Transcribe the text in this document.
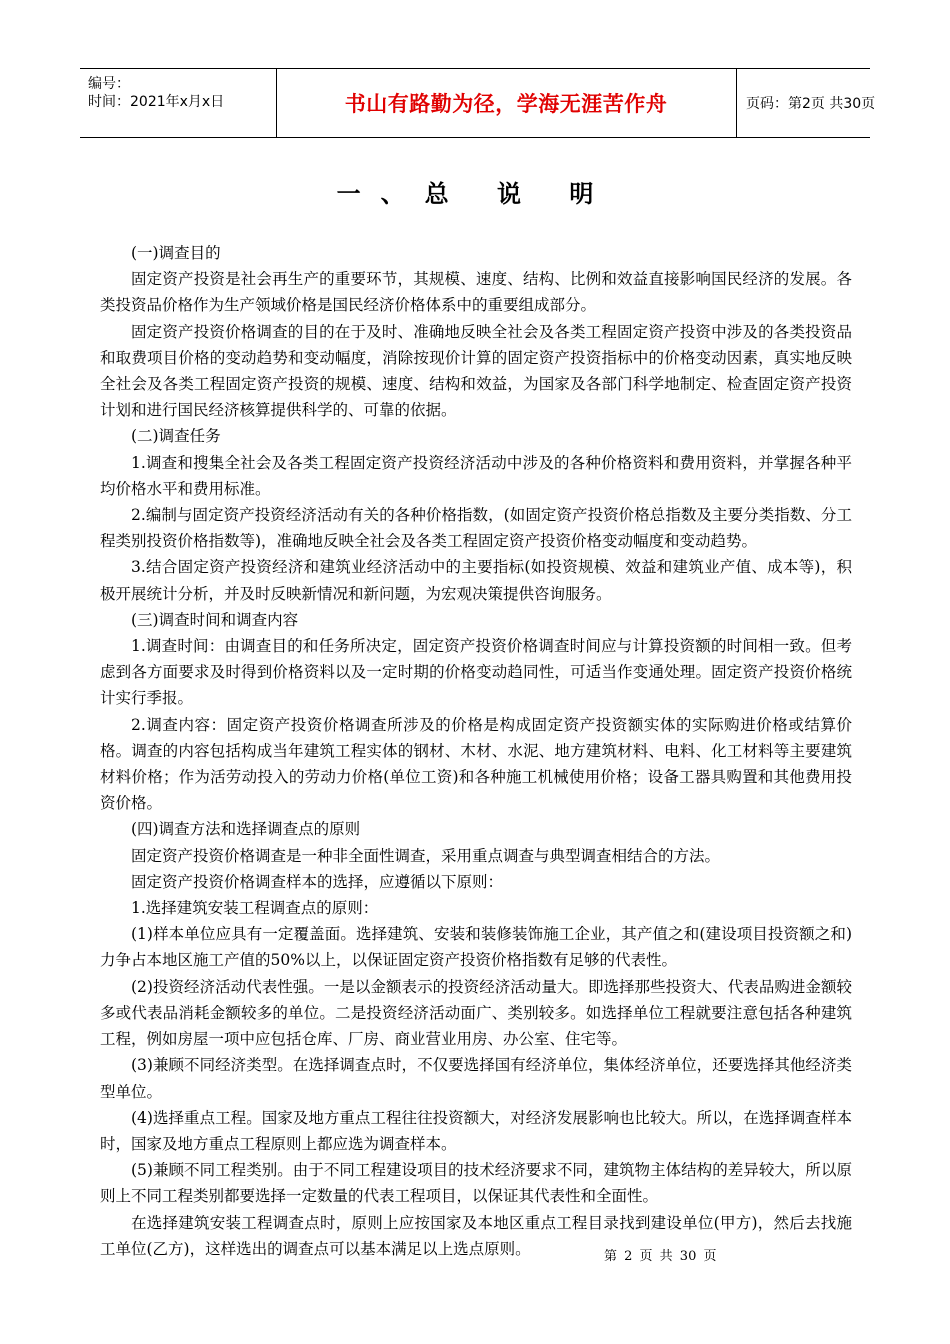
编号：
时间：2021年x月x日	书山有路勤为径，学海无涯苦作舟	页码：第2页 共30页
一、总 说 明

(一)调查目的

固定资产投资是社会再生产的重要环节，其规模、速度、结构、比例和效益直接影响国民经济的发展。各类投资品价格作为生产领域价格是国民经济价格体系中的重要组成部分。

固定资产投资价格调查的目的在于及时、准确地反映全社会及各类工程固定资产投资中涉及的各类投资品和取费项目价格的变动趋势和变动幅度，消除按现价计算的固定资产投资指标中的价格变动因素，真实地反映全社会及各类工程固定资产投资的规模、速度、结构和效益，为国家及各部门科学地制定、检查固定资产投资计划和进行国民经济核算提供科学的、可靠的依据。

(二)调查任务

1.调查和搜集全社会及各类工程固定资产投资经济活动中涉及的各种价格资料和费用资料，并掌握各种平均价格水平和费用标准。

2.编制与固定资产投资经济活动有关的各种价格指数，(如固定资产投资价格总指数及主要分类指数、分工程类别投资价格指数等)，准确地反映全社会及各类工程固定资产投资价格变动幅度和变动趋势。

3.结合固定资产投资经济和建筑业经济活动中的主要指标(如投资规模、效益和建筑业产值、成本等)，积极开展统计分析，并及时反映新情况和新问题，为宏观决策提供咨询服务。

(三)调查时间和调查内容

1.调查时间：由调查目的和任务所决定，固定资产投资价格调查时间应与计算投资额的时间相一致。但考虑到各方面要求及时得到价格资料以及一定时期的价格变动趋同性，可适当作变通处理。固定资产投资价格统计实行季报。

2.调查内容：固定资产投资价格调查所涉及的价格是构成固定资产投资额实体的实际购进价格或结算价格。调查的内容包括构成当年建筑工程实体的钢材、木材、水泥、地方建筑材料、电料、化工材料等主要建筑材料价格；作为活劳动投入的劳动力价格(单位工资)和各种施工机械使用价格；设备工器具购置和其他费用投资价格。

(四)调查方法和选择调查点的原则

固定资产投资价格调查是一种非全面性调查，采用重点调查与典型调查相结合的方法。

固定资产投资价格调查样本的选择，应遵循以下原则：

1.选择建筑安装工程调查点的原则：

(1)样本单位应具有一定覆盖面。选择建筑、安装和装修装饰施工企业，其产值之和(建设项目投资额之和)力争占本地区施工产值的50%以上，以保证固定资产投资价格指数有足够的代表性。

(2)投资经济活动代表性强。一是以金额表示的投资经济活动量大。即选择那些投资大、代表品购进金额较多或代表品消耗金额较多的单位。二是投资经济活动面广、类别较多。如选择单位工程就要注意包括各种建筑工程，例如房屋一项中应包括仓库、厂房、商业营业用房、办公室、住宅等。

(3)兼顾不同经济类型。在选择调查点时，不仅要选择国有经济单位，集体经济单位，还要选择其他经济类型单位。

(4)选择重点工程。国家及地方重点工程往往投资额大，对经济发展影响也比较大。所以，在选择调查样本时，国家及地方重点工程原则上都应选为调查样本。

(5)兼顾不同工程类别。由于不同工程建设项目的技术经济要求不同，建筑物主体结构的差异较大，所以原则上不同工程类别都要选择一定数量的代表工程项目，以保证其代表性和全面性。

在选择建筑安装工程调查点时，原则上应按国家及本地区重点工程目录找到建设单位(甲方)，然后去找施工单位(乙方)，这样选出的调查点可以基本满足以上选点原则。	第 2 页 共 30 页
